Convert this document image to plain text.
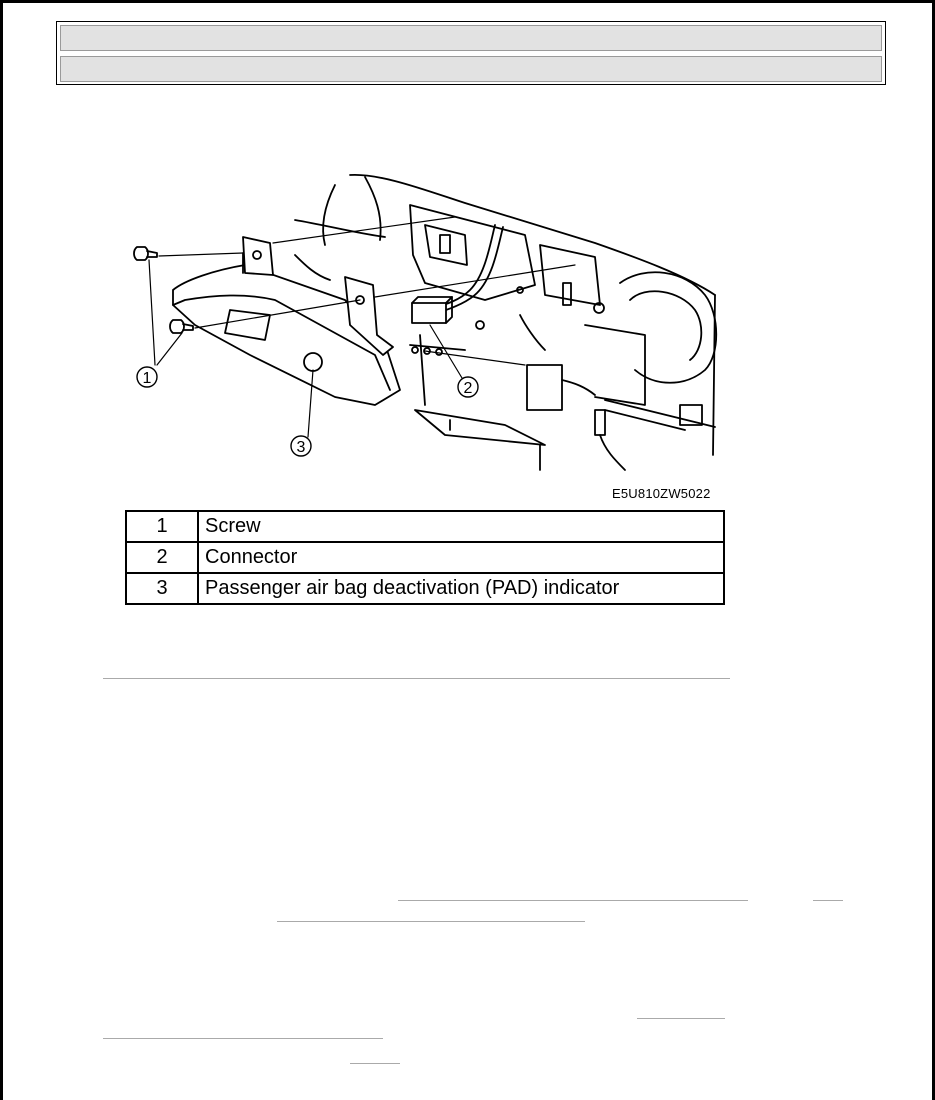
1
2
3
E5U810ZW5022
1	Screw
2	Connector
3	Passenger air bag deactivation (PAD) indicator
